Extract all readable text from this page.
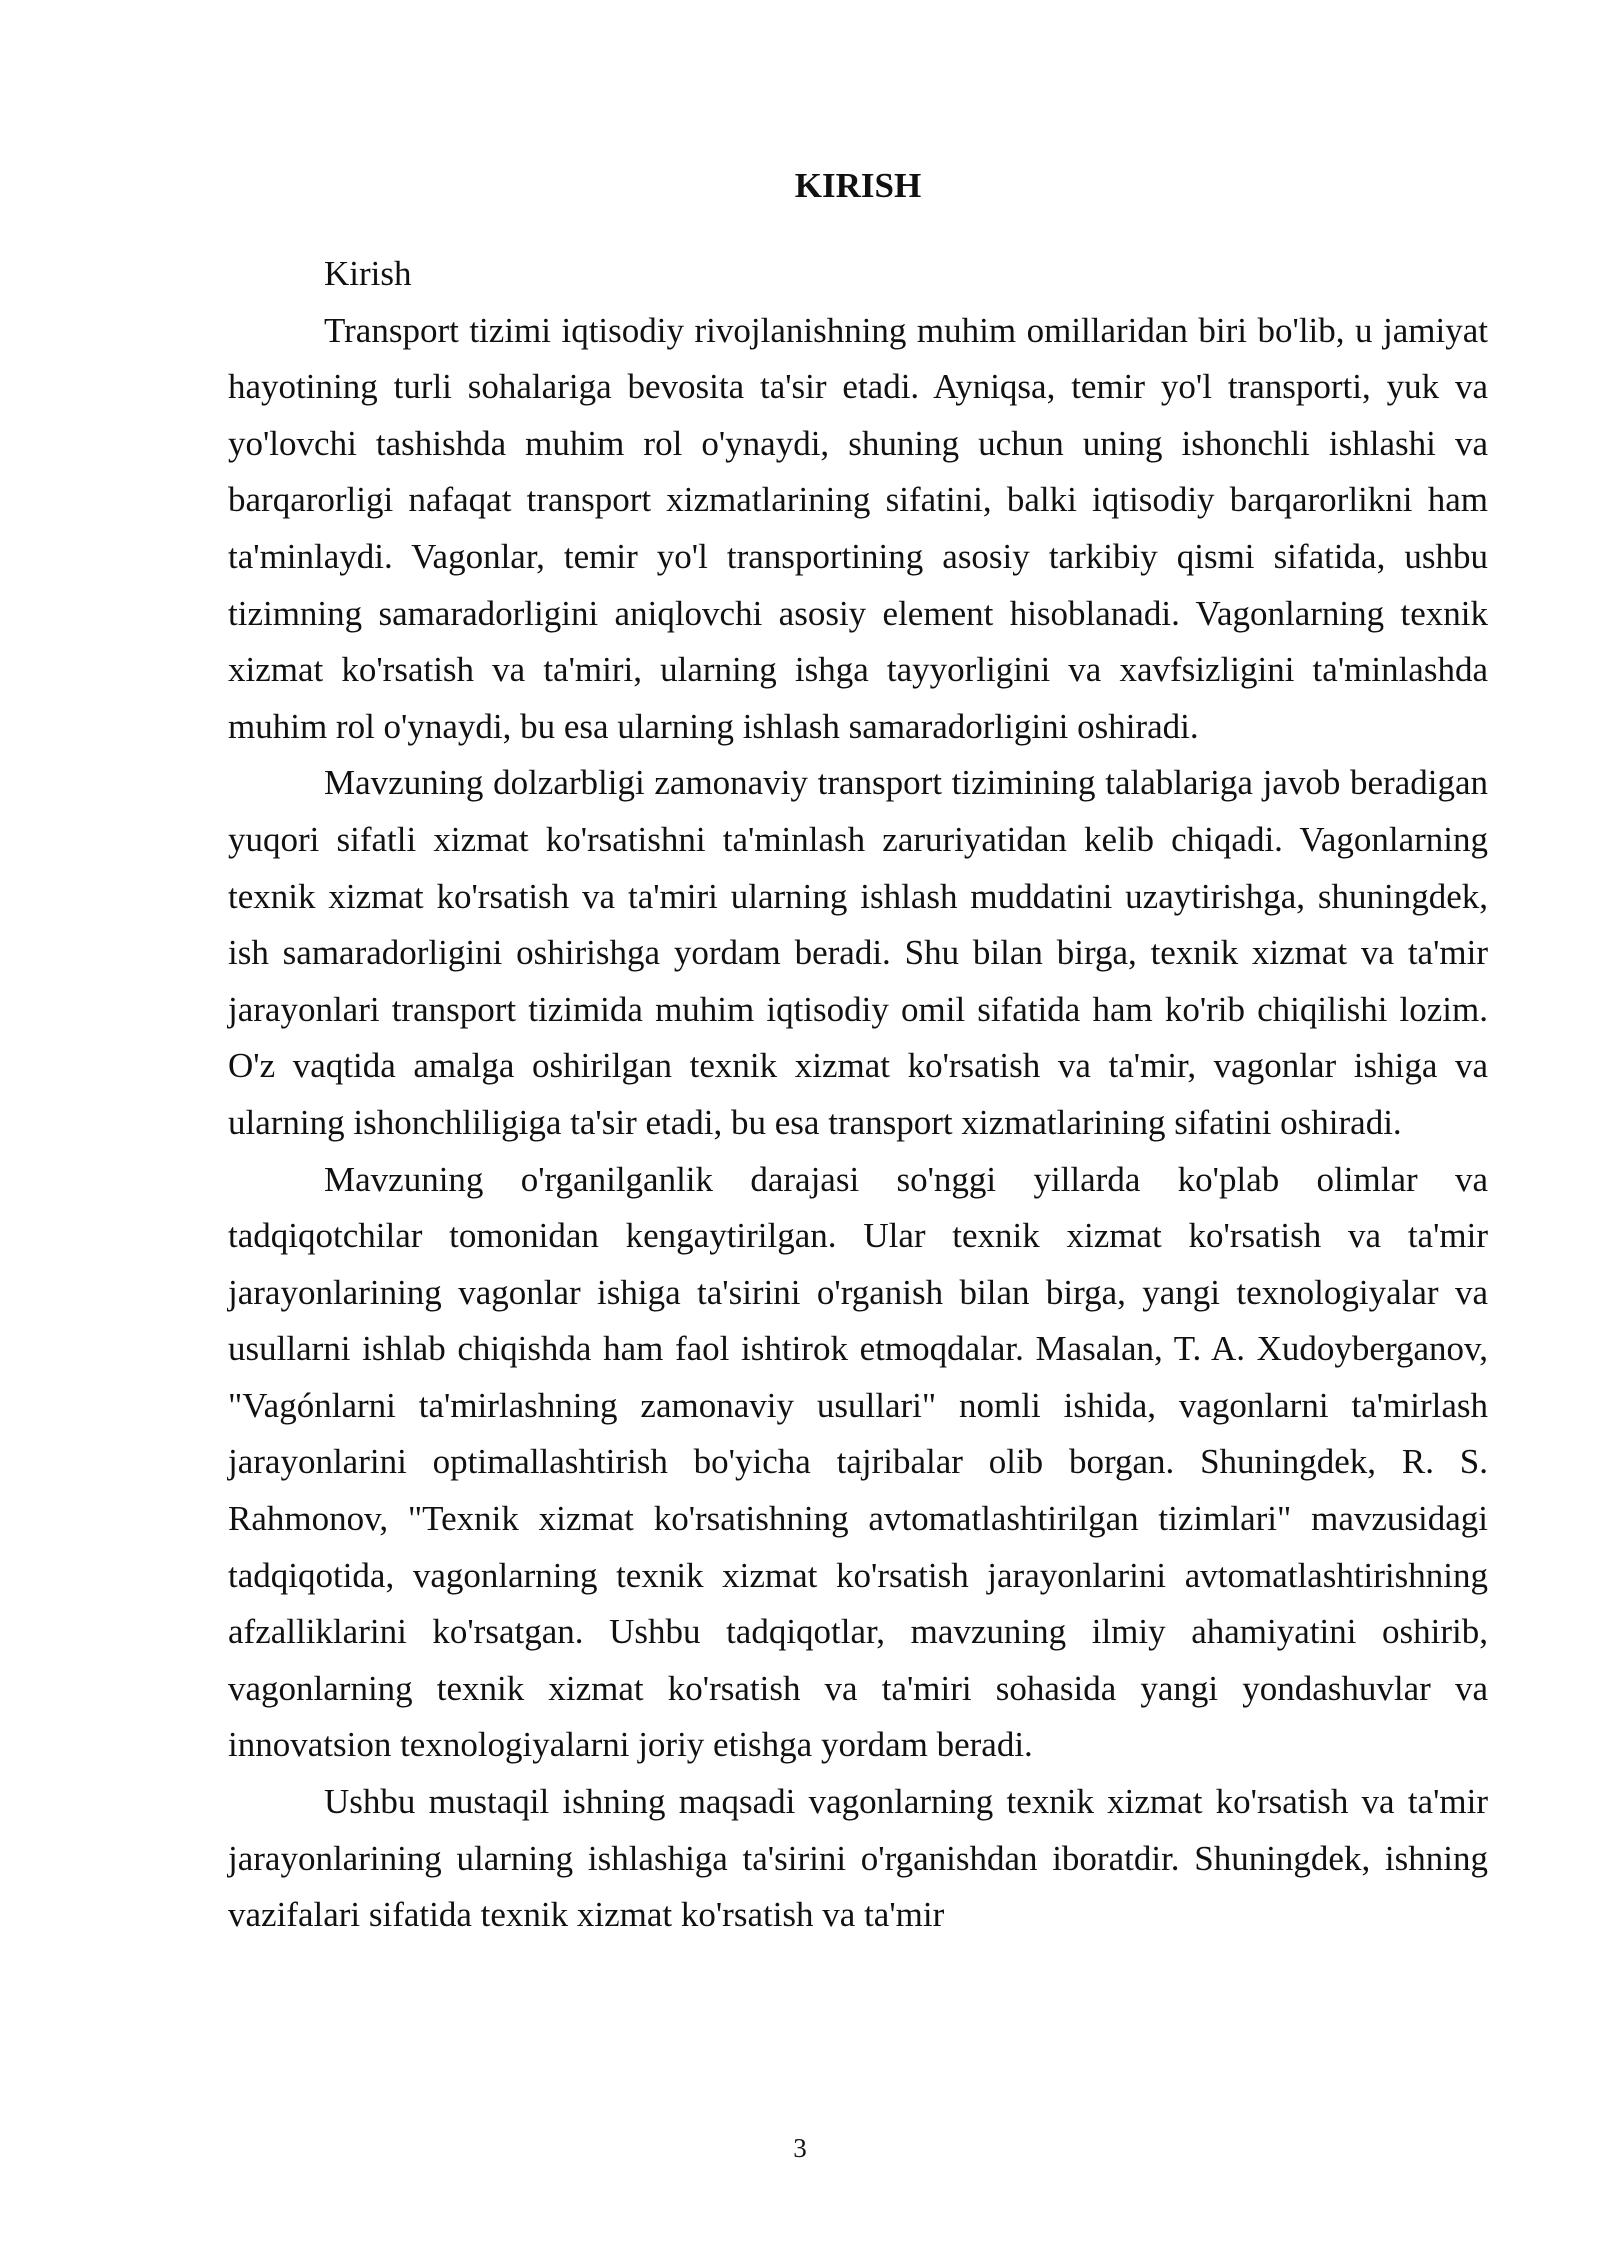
KIRISH

Kirish

Transport tizimi iqtisodiy rivojlanishning muhim omillaridan biri bo'lib, u jamiyat hayotining turli sohalariga bevosita ta'sir etadi. Ayniqsa, temir yo'l transporti, yuk va yo'lovchi tashishda muhim rol o'ynaydi, shuning uchun uning ishonchli ishlashi va barqarorligi nafaqat transport xizmatlarining sifatini, balki iqtisodiy barqarorlikni ham ta'minlaydi. Vagonlar, temir yo'l transportining asosiy tarkibiy qismi sifatida, ushbu tizimning samaradorligini aniqlovchi asosiy element hisoblanadi. Vagonlarning texnik xizmat ko'rsatish va ta'miri, ularning ishga tayyorligini va xavfsizligini ta'minlashda muhim rol o'ynaydi, bu esa ularning ishlash samaradorligini oshiradi.

Mavzuning dolzarbligi zamonaviy transport tizimining talablariga javob beradigan yuqori sifatli xizmat ko'rsatishni ta'minlash zaruriyatidan kelib chiqadi. Vagonlarning texnik xizmat ko'rsatish va ta'miri ularning ishlash muddatini uzaytirishga, shuningdek, ish samaradorligini oshirishga yordam beradi. Shu bilan birga, texnik xizmat va ta'mir jarayonlari transport tizimida muhim iqtisodiy omil sifatida ham ko'rib chiqilishi lozim. O'z vaqtida amalga oshirilgan texnik xizmat ko'rsatish va ta'mir, vagonlar ishiga va ularning ishonchliligiga ta'sir etadi, bu esa transport xizmatlarining sifatini oshiradi.

Mavzuning o'rganilganlik darajasi so'nggi yillarda ko'plab olimlar va tadqiqotchilar tomonidan kengaytirilgan. Ular texnik xizmat ko'rsatish va ta'mir jarayonlarining vagonlar ishiga ta'sirini o'rganish bilan birga, yangi texnologiyalar va usullarni ishlab chiqishda ham faol ishtirok etmoqdalar. Masalan, T. A. Xudoyberganov, "Vagónlarni ta'mirlashning zamonaviy usullari" nomli ishida, vagonlarni ta'mirlash jarayonlarini optimallashtirish bo'yicha tajribalar olib borgan. Shuningdek, R. S. Rahmonov, "Texnik xizmat ko'rsatishning avtomatlashtirilgan tizimlari" mavzusidagi tadqiqotida, vagonlarning texnik xizmat ko'rsatish jarayonlarini avtomatlashtirishning afzalliklarini ko'rsatgan. Ushbu tadqiqotlar, mavzuning ilmiy ahamiyatini oshirib, vagonlarning texnik xizmat ko'rsatish va ta'miri sohasida yangi yondashuvlar va innovatsion texnologiyalarni joriy etishga yordam beradi.

Ushbu mustaqil ishning maqsadi vagonlarning texnik xizmat ko'rsatish va ta'mir jarayonlarining ularning ishlashiga ta'sirini o'rganishdan iboratdir. Shuningdek, ishning vazifalari sifatida texnik xizmat ko'rsatish va ta'mir

3
